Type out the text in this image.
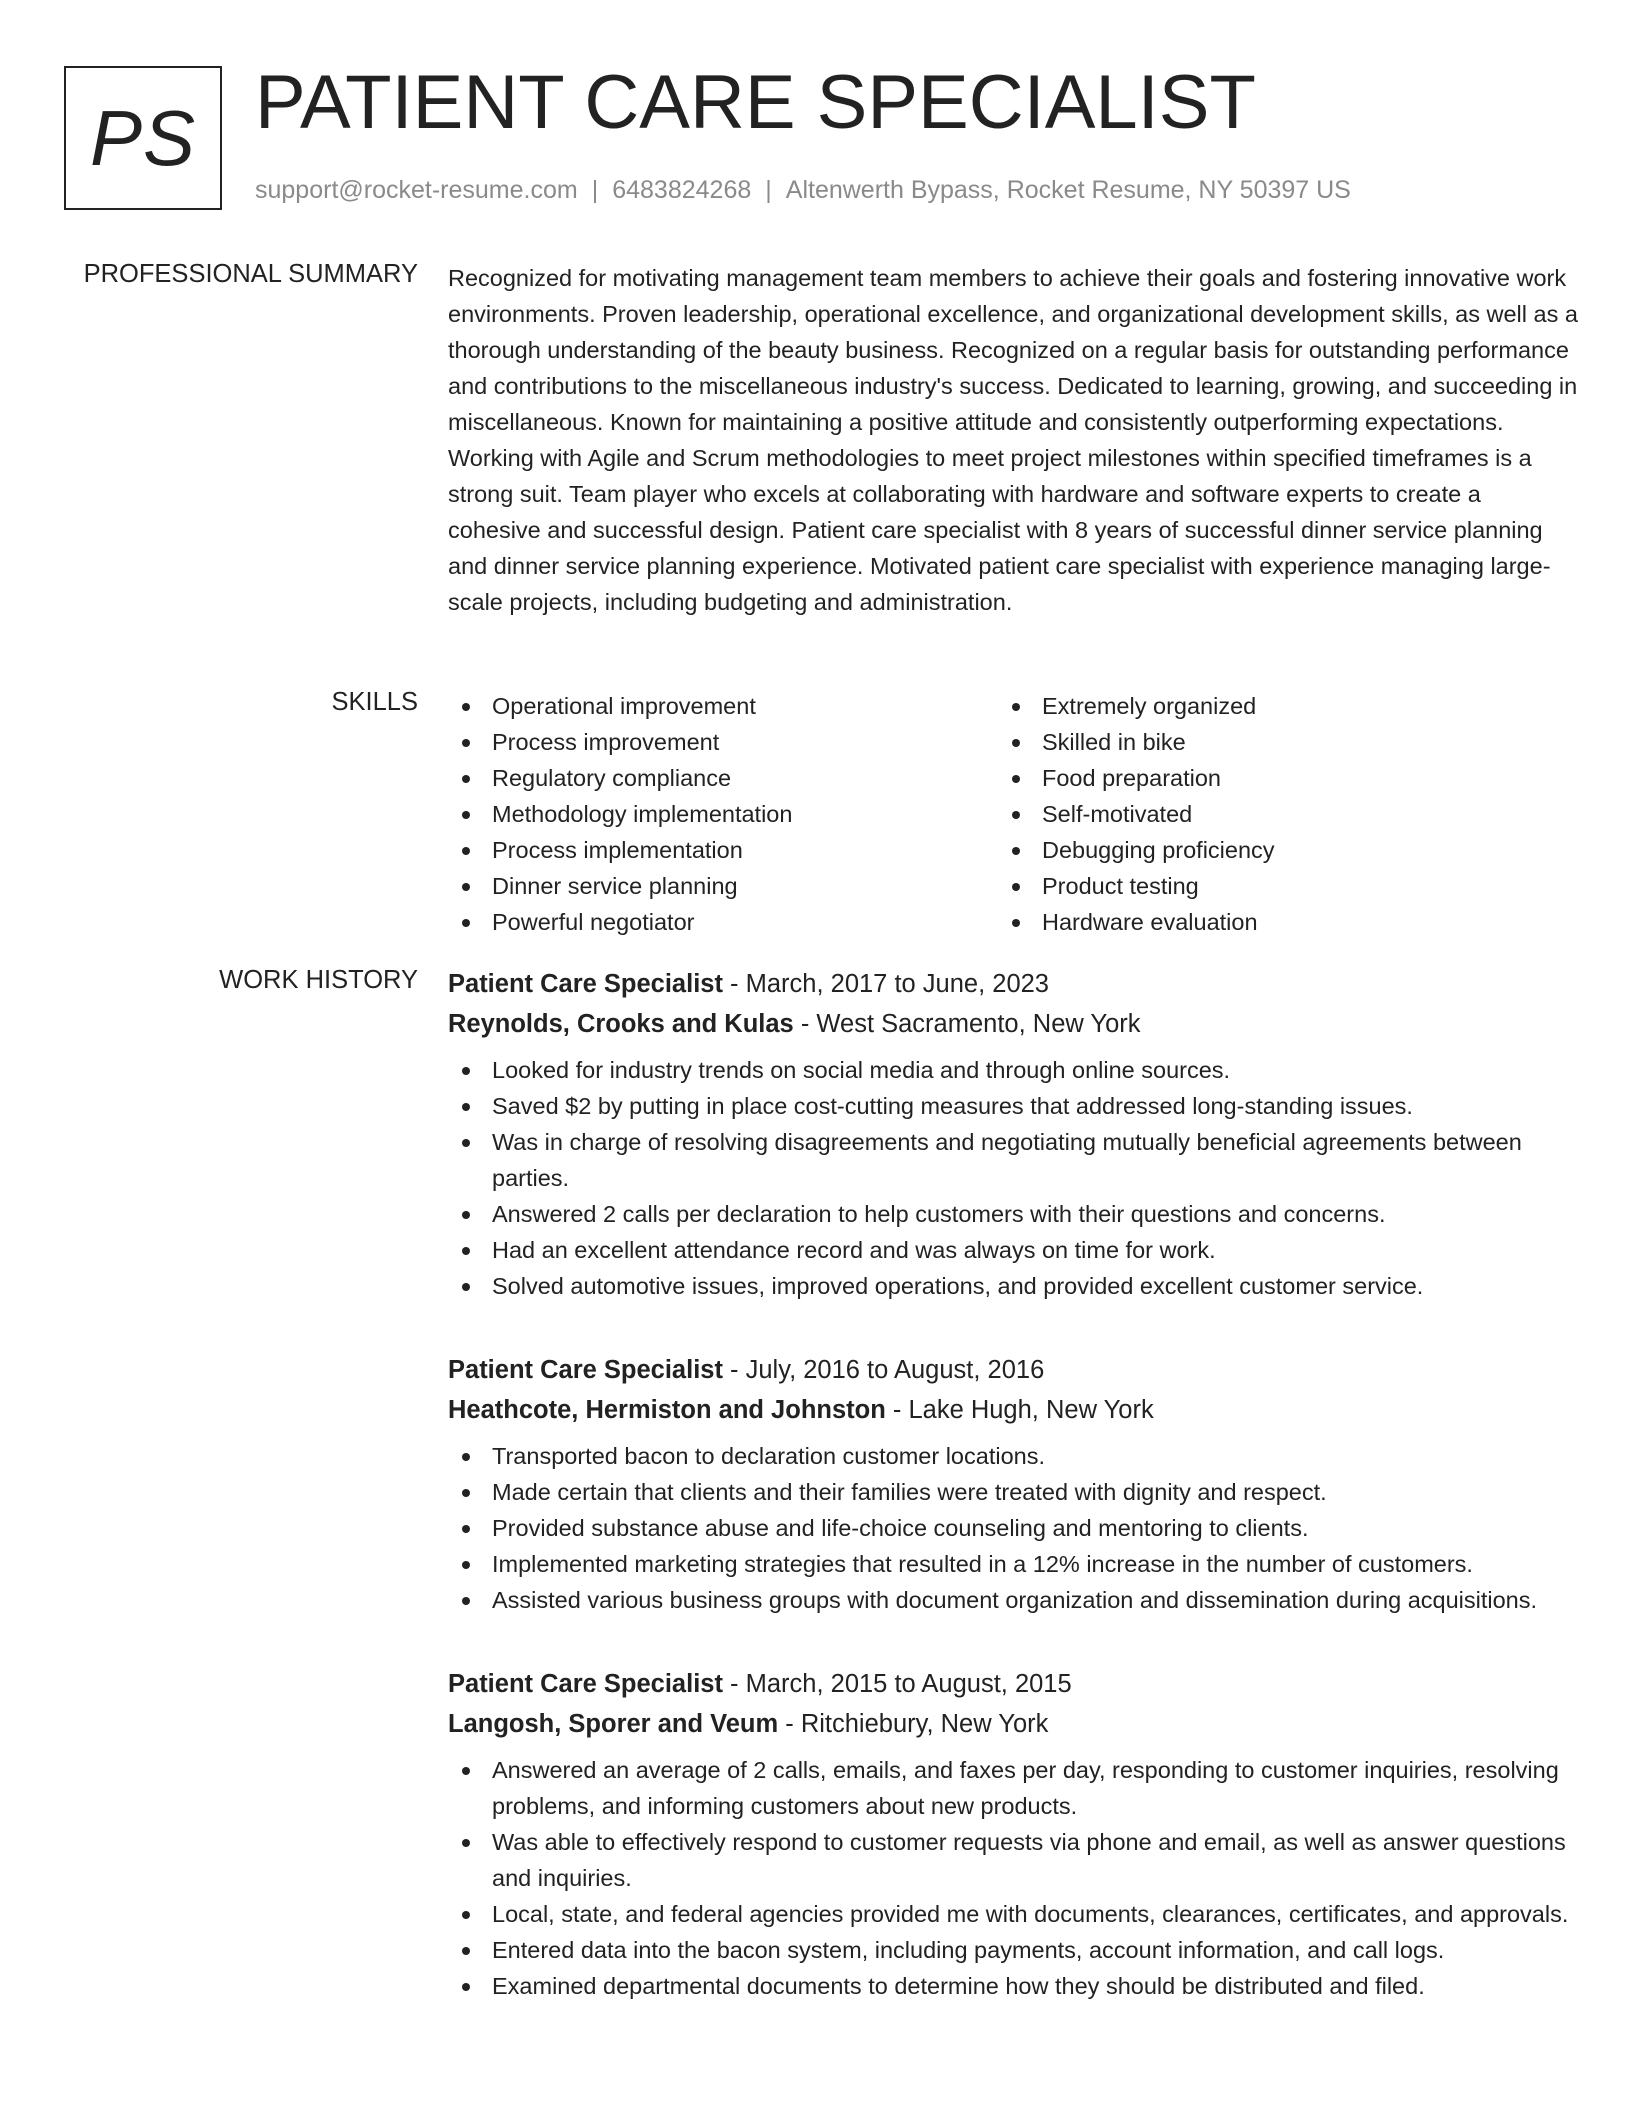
PS PATIENT CARE SPECIALIST
support@rocket-resume.com | 6483824268 | Altenwerth Bypass, Rocket Resume, NY 50397 US
PROFESSIONAL SUMMARY Recognized for motivating management team members to achieve their goals and fostering innovative work environments. Proven leadership, operational excellence, and organizational development skills, as well as a thorough understanding of the beauty business. Recognized on a regular basis for outstanding performance and contributions to the miscellaneous industry's success. Dedicated to learning, growing, and succeeding in miscellaneous. Known for maintaining a positive attitude and consistently outperforming expectations. Working with Agile and Scrum methodologies to meet project milestones within specified timeframes is a strong suit. Team player who excels at collaborating with hardware and software experts to create a cohesive and successful design. Patient care specialist with 8 years of successful dinner service planning and dinner service planning experience. Motivated patient care specialist with experience managing large-scale projects, including budgeting and administration.
SKILLS	Operational improvement
Process improvement
Regulatory compliance
Methodology implementation
Process implementation
Dinner service planning
Powerful negotiator
Extremely organized
Skilled in bike
Food preparation
Self-motivated
Debugging proficiency
Product testing
Hardware evaluation
WORK HISTORY Patient Care Specialist - March, 2017 to June, 2023
Reynolds, Crooks and Kulas - West Sacramento, New York
Looked for industry trends on social media and through online sources.
Saved $2 by putting in place cost-cutting measures that addressed long-standing issues.
Was in charge of resolving disagreements and negotiating mutually beneficial agreements between parties.
Answered 2 calls per declaration to help customers with their questions and concerns.
Had an excellent attendance record and was always on time for work.
Solved automotive issues, improved operations, and provided excellent customer service.
Patient Care Specialist - July, 2016 to August, 2016
Heathcote, Hermiston and Johnston - Lake Hugh, New York
Transported bacon to declaration customer locations.
Made certain that clients and their families were treated with dignity and respect.
Provided substance abuse and life-choice counseling and mentoring to clients.
Implemented marketing strategies that resulted in a 12% increase in the number of customers.
Assisted various business groups with document organization and dissemination during acquisitions.
Patient Care Specialist - March, 2015 to August, 2015
Langosh, Sporer and Veum - Ritchiebury, New York
Answered an average of 2 calls, emails, and faxes per day, responding to customer inquiries, resolving problems, and informing customers about new products.
Was able to effectively respond to customer requests via phone and email, as well as answer questions and inquiries.
Local, state, and federal agencies provided me with documents, clearances, certificates, and approvals.
Entered data into the bacon system, including payments, account information, and call logs.
Examined departmental documents to determine how they should be distributed and filed.
